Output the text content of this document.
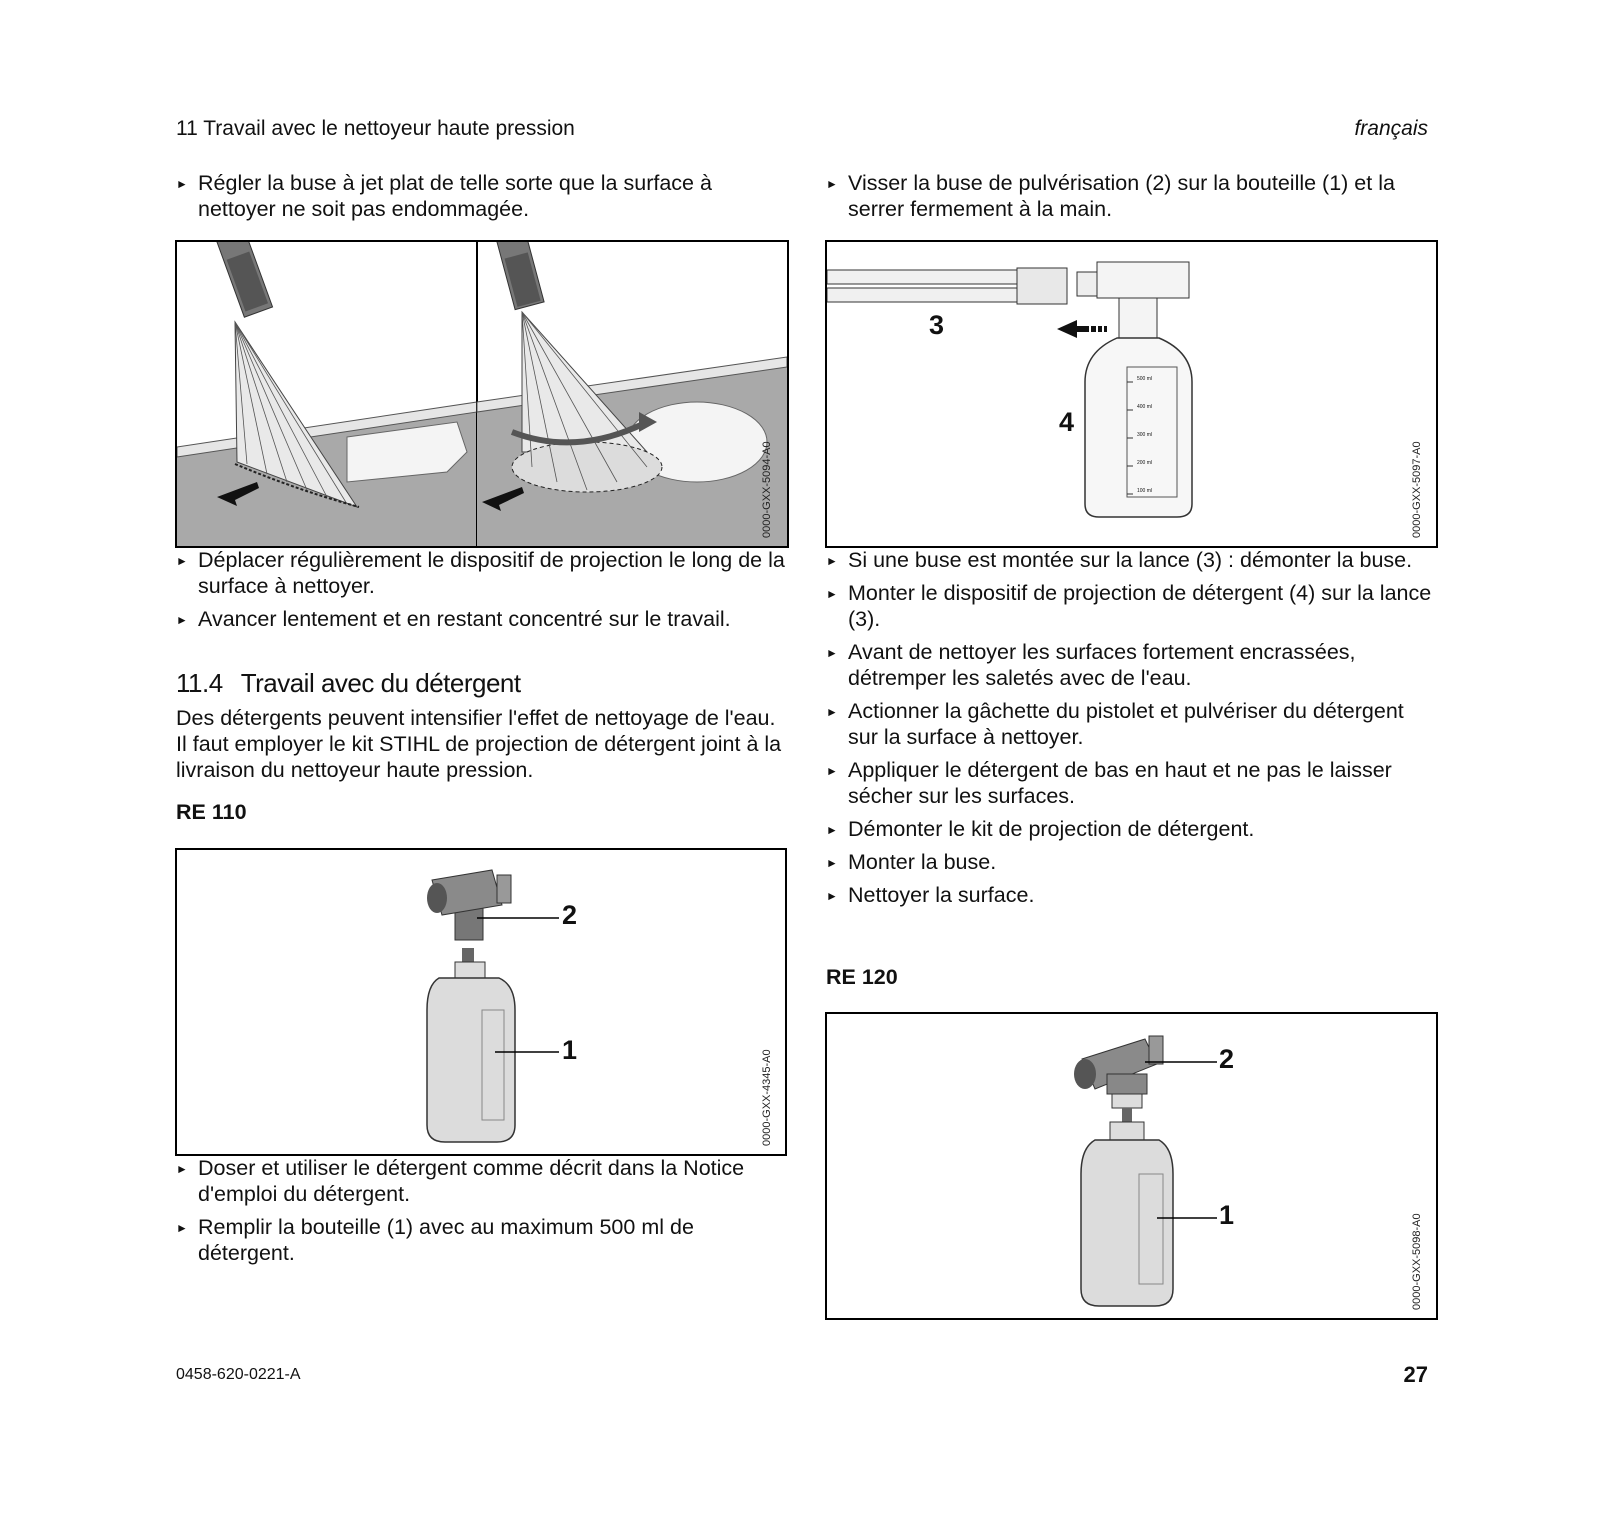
11 Travail avec le nettoyeur haute pression	français

► Régler la buse à jet plat de telle sorte que la surface à nettoyer ne soit pas endommagée.

0000-GXX-5094-A0

► Déplacer régulièrement le dispositif de projection le long de la surface à nettoyer.

► Avancer lentement et en restant concentré sur le travail.

11.4 Travail avec du détergent

Des détergents peuvent intensifier l'effet de nettoyage de l'eau. Il faut employer le kit STIHL de projection de détergent joint à la livraison du nettoyeur haute pression.

RE 110
2
1	0000-GXX-4345-A0

► Doser et utiliser le détergent comme décrit dans la Notice d'emploi du détergent.

► Remplir la bouteille (1) avec au maximum 500 ml de détergent.

► Visser la buse de pulvérisation (2) sur la bouteille (1) et la serrer fermement à la main.

500 ml
400 ml
300 ml
200 ml
100 ml
3
4
0000-GXX-5097-A0

► Si une buse est montée sur la lance (3) : démonter la buse.

► Monter le dispositif de projection de détergent (4) sur la lance (3).

► Avant de nettoyer les surfaces fortement encrassées, détremper les saletés avec de l'eau.

► Actionner la gâchette du pistolet et pulvériser du détergent sur la surface à nettoyer.

► Appliquer le détergent de bas en haut et ne pas le laisser sécher sur les surfaces.

► Démonter le kit de projection de détergent.

► Monter la buse.

► Nettoyer la surface.

RE 120
2
1	0000-GXX-5098-A0
0458-620-0221-A	27
